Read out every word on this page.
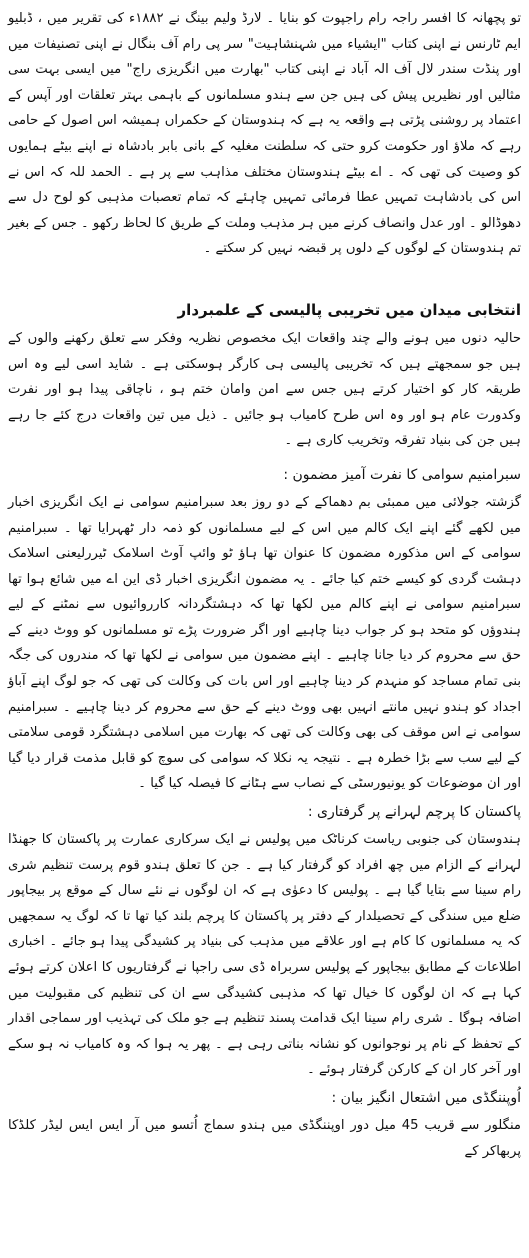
تو پچھانہ کا افسر راجہ رام راجپوت کو بنایا ۔ لارڈ ولیم بینگ نے ۱۸۸۲ء کی تقریر میں ، ڈبلیو ایم ٹارنس نے اپنی کتاب "ایشیاء میں شہنشاہیت" سر پی رام آف بنگال نے اپنی تصنیفات میں اور پنڈت سندر لال آف الہ آباد نے اپنی کتاب "بھارت میں انگریزی راج" میں ایسی بہت سی مثالیں اور نظیریں پیش کی ہیں جن سے ہندو مسلمانوں کے باہمی بہتر تعلقات اور آپس کے اعتماد پر روشنی پڑتی ہے واقعہ یہ ہے کہ ہندوستان کے حکمراں ہمیشہ اس اصول کے حامی رہے کہ ملاؤ اور حکومت کرو حتی کہ سلطنت مغلیہ کے بانی بابر بادشاہ نے اپنے بیٹے ہمایوں کو وصیت کی تھی کہ ۔ اے بیٹے ہندوستان مختلف مذاہب سے پر ہے ۔ الحمد للہ کہ اس نے اس کی بادشاہت تمہیں عطا فرمائی تمہیں چاہئے کہ تمام تعصبات مذہبی کو لوح دل سے دھوڈالو ۔ اور عدل وانصاف کرنے میں ہر مذہب وملت کے طریق کا لحاظ رکھو ۔ جس کے بغیر تم ہندوستان کے لوگوں کے دلوں پر قبضہ نہیں کر سکتے ۔

انتخابی میدان میں تخریبی پالیسی کے علمبردار

حالیہ دنوں میں ہونے والے چند واقعات ایک مخصوص نظریہ وفکر سے تعلق رکھنے والوں کے ہیں جو سمجھتے ہیں کہ تخریبی پالیسی ہی کارگر ہوسکتی ہے ۔ شاید اسی لیے وہ اس طریقہ کار کو اختیار کرتے ہیں جس سے امن وامان ختم ہو ، ناچاقی پیدا ہو اور نفرت وکدورت عام ہو اور وہ اس طرح کامیاب ہو جائیں ۔ ذیل میں تین واقعات درج کئے جا رہے ہیں جن کی بنیاد تفرقہ وتخریب کاری ہے ۔

سبرامنیم سوامی کا نفرت آمیز مضمون :

گزشتہ جولائی میں ممبئی بم دھماکے کے دو روز بعد سبرامنیم سوامی نے ایک انگریزی اخبار میں لکھے گئے اپنے ایک کالم میں اس کے لیے مسلمانوں کو ذمہ دار ٹھہرایا تھا ۔ سبرامنیم سوامی کے اس مذکورہ مضمون کا عنوان تھا ہاؤ ٹو وائپ آوٹ اسلامک ٹیررلیعنی اسلامک دہشت گردی کو کیسے ختم کیا جائے ۔ یہ مضمون انگریزی اخبار ڈی این اے میں شائع ہوا تھا سبرامنیم سوامی نے اپنے کالم میں لکھا تھا کہ دہشتگردانہ کارروائیوں سے نمٹنے کے لیے ہندوؤں کو متحد ہو کر جواب دینا چاہیے اور اگر ضرورت پڑے تو مسلمانوں کو ووٹ دینے کے حق سے محروم کر دیا جانا چاہیے ۔ اپنے مضمون میں سوامی نے لکھا تھا کہ مندروں کی جگہ بنی تمام مساجد کو منہدم کر دینا چاہیے اور اس بات کی وکالت کی تھی کہ جو لوگ اپنے آباؤ اجداد کو ہندو نہیں مانتے انہیں بھی ووٹ دینے کے حق سے محروم کر دینا چاہیے ۔ سبرامنیم سوامی نے اس موقف کی بھی وکالت کی تھی کہ بھارت میں اسلامی دہشتگرد قومی سلامتی کے لیے سب سے بڑا خطرہ ہے ۔ نتیجہ یہ نکلا کہ سوامی کی سوچ کو قابل مذمت قرار دیا گیا اور ان موضوعات کو یونیورسٹی کے نصاب سے ہٹانے کا فیصلہ کیا گیا ۔

پاکستان کا پرچم لہرانے پر گرفتاری :

ہندوستان کی جنوبی ریاست کرناٹک میں پولیس نے ایک سرکاری عمارت پر پاکستان کا جھنڈا لہرانے کے الزام میں چھ افراد کو گرفتار کیا ہے ۔ جن کا تعلق ہندو قوم پرست تنظیم شری رام سینا سے بتایا گیا ہے ۔ پولیس کا دعوٰی ہے کہ ان لوگوں نے نئے سال کے موقع پر بیجاپور ضلع میں سندگی کے تحصیلدار کے دفتر پر پاکستان کا پرچم بلند کیا تھا تا کہ لوگ یہ سمجھیں کہ یہ مسلمانوں کا کام ہے اور علاقے میں مذہب کی بنیاد پر کشیدگی پیدا ہو جائے ۔ اخباری اطلاعات کے مطابق بیجاپور کے پولیس سربراہ ڈی سی راجپا نے گرفتاریوں کا اعلان کرتے ہوئے کہا ہے کہ ان لوگوں کا خیال تھا کہ مذہبی کشیدگی سے ان کی تنظیم کی مقبولیت میں اضافہ ہوگا ۔ شری رام سینا ایک قدامت پسند تنظیم ہے جو ملک کی تہذیب اور سماجی اقدار کے تحفظ کے نام پر نوجوانوں کو نشانہ بناتی رہی ہے ۔ پھر یہ ہوا کہ وہ کامیاب نہ ہو سکے اور آخر کار ان کے کارکن گرفتار ہوئے ۔

اُوپننگڈی میں اشتعال انگیز بیان :

منگلور سے قریب 45 میل دور اوپننگڈی میں ہندو سماج اُتسو میں آر ایس ایس لیڈر کلڈکا پربھاکر کے
